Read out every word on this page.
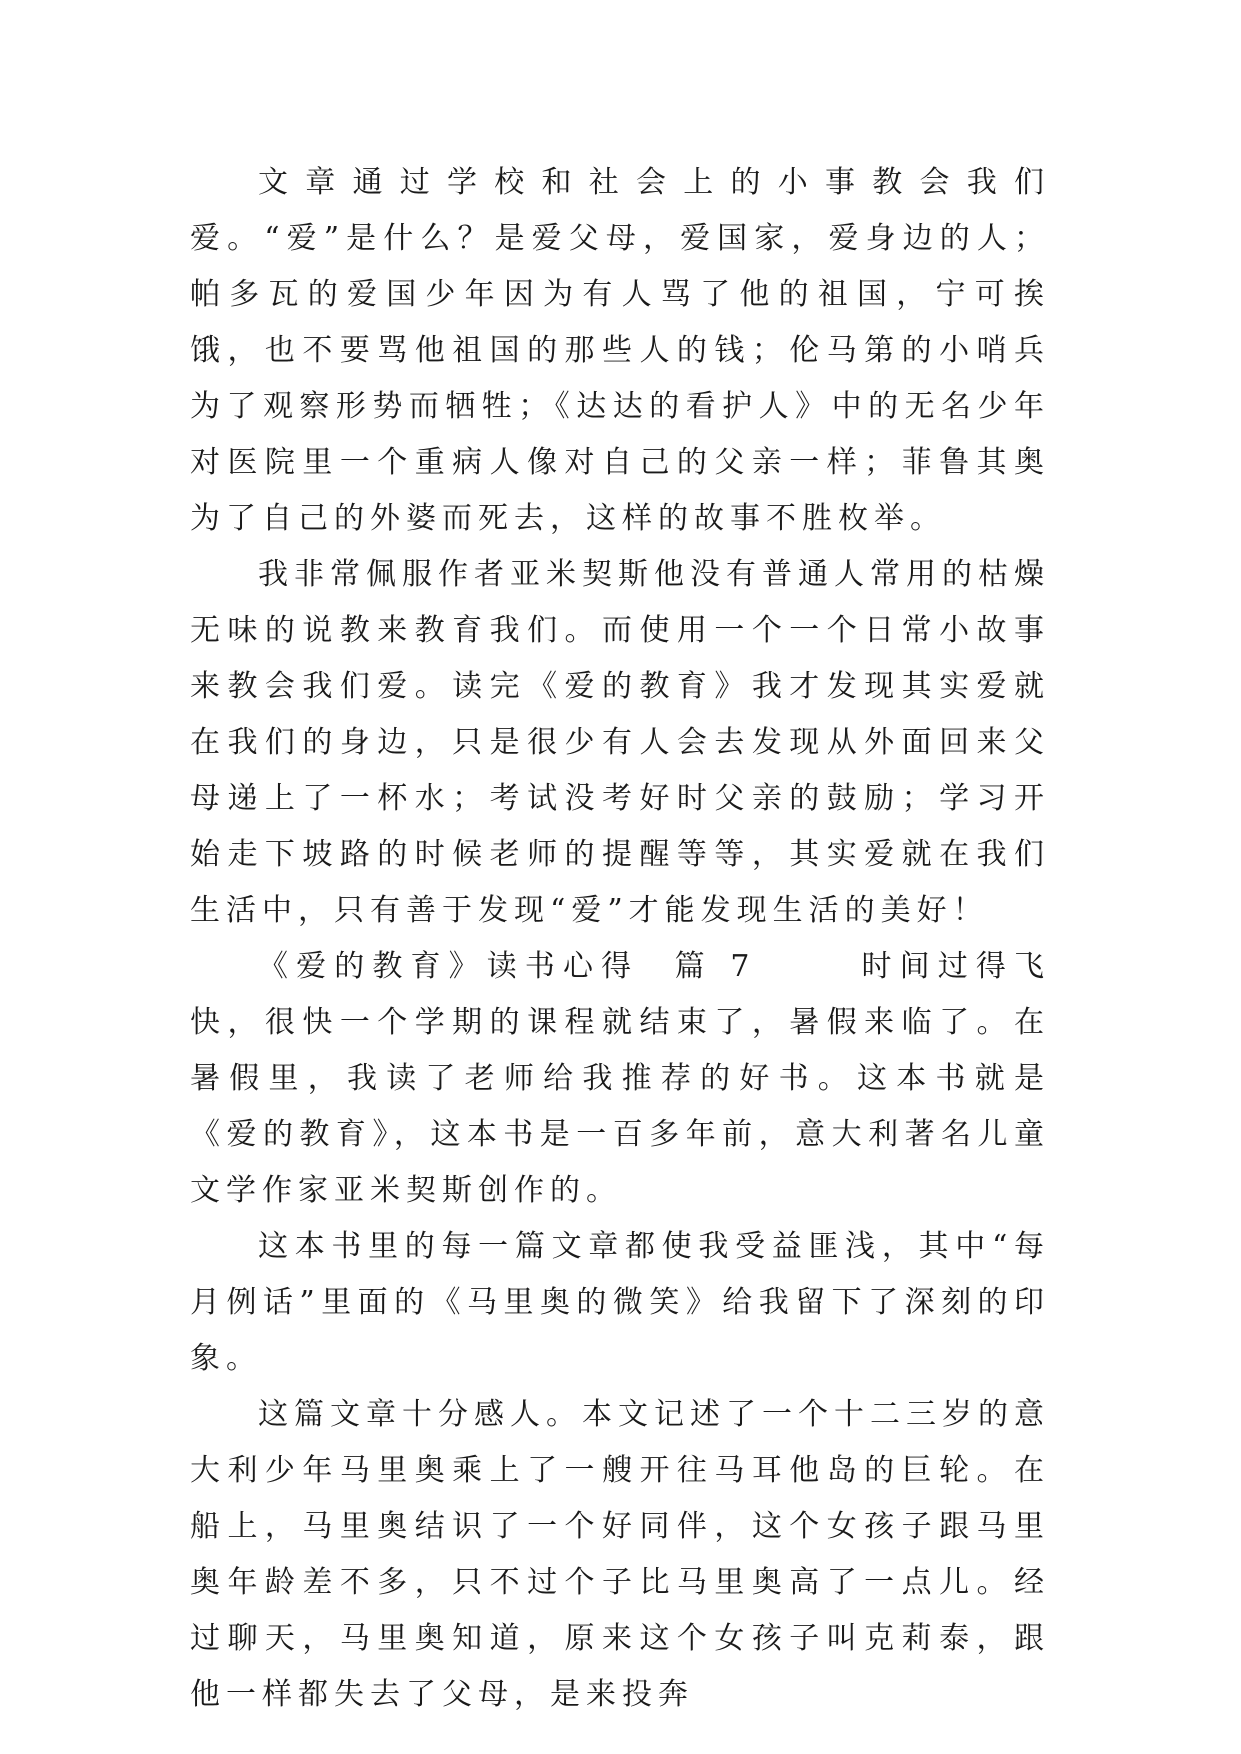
文章通过学校和社会上的小事教会我们爱。“爱”是什么？是爱父母，爱国家，爱身边的人；帕多瓦的爱国少年因为有人骂了他的祖国，宁可挨饿，也不要骂他祖国的那些人的钱；伦马第的小哨兵为了观察形势而牺牲；《达达的看护人》中的无名少年对医院里一个重病人像对自己的父亲一样；菲鲁其奥为了自己的外婆而死去，这样的故事不胜枚举。

我非常佩服作者亚米契斯他没有普通人常用的枯燥无味的说教来教育我们。而使用一个一个日常小故事来教会我们爱。读完《爱的教育》我才发现其实爱就在我们的身边，只是很少有人会去发现从外面回来父母递上了一杯水；考试没考好时父亲的鼓励；学习开始走下坡路的时候老师的提醒等等，其实爱就在我们生活中，只有善于发现“爱”才能发现生活的美好！

《爱的教育》读书心得  篇 7      时间过得飞快，很快一个学期的课程就结束了，暑假来临了。在暑假里，我读了老师给我推荐的好书。这本书就是《爱的教育》，这本书是一百多年前，意大利著名儿童文学作家亚米契斯创作的。

这本书里的每一篇文章都使我受益匪浅，其中“每月例话”里面的《马里奥的微笑》给我留下了深刻的印象。

这篇文章十分感人。本文记述了一个十二三岁的意大利少年马里奥乘上了一艘开往马耳他岛的巨轮。在船上，马里奥结识了一个好同伴，这个女孩子跟马里奥年龄差不多，只不过个子比马里奥高了一点儿。经过聊天，马里奥知道，原来这个女孩子叫克莉泰，跟他一样都失去了父母，是来投奔
